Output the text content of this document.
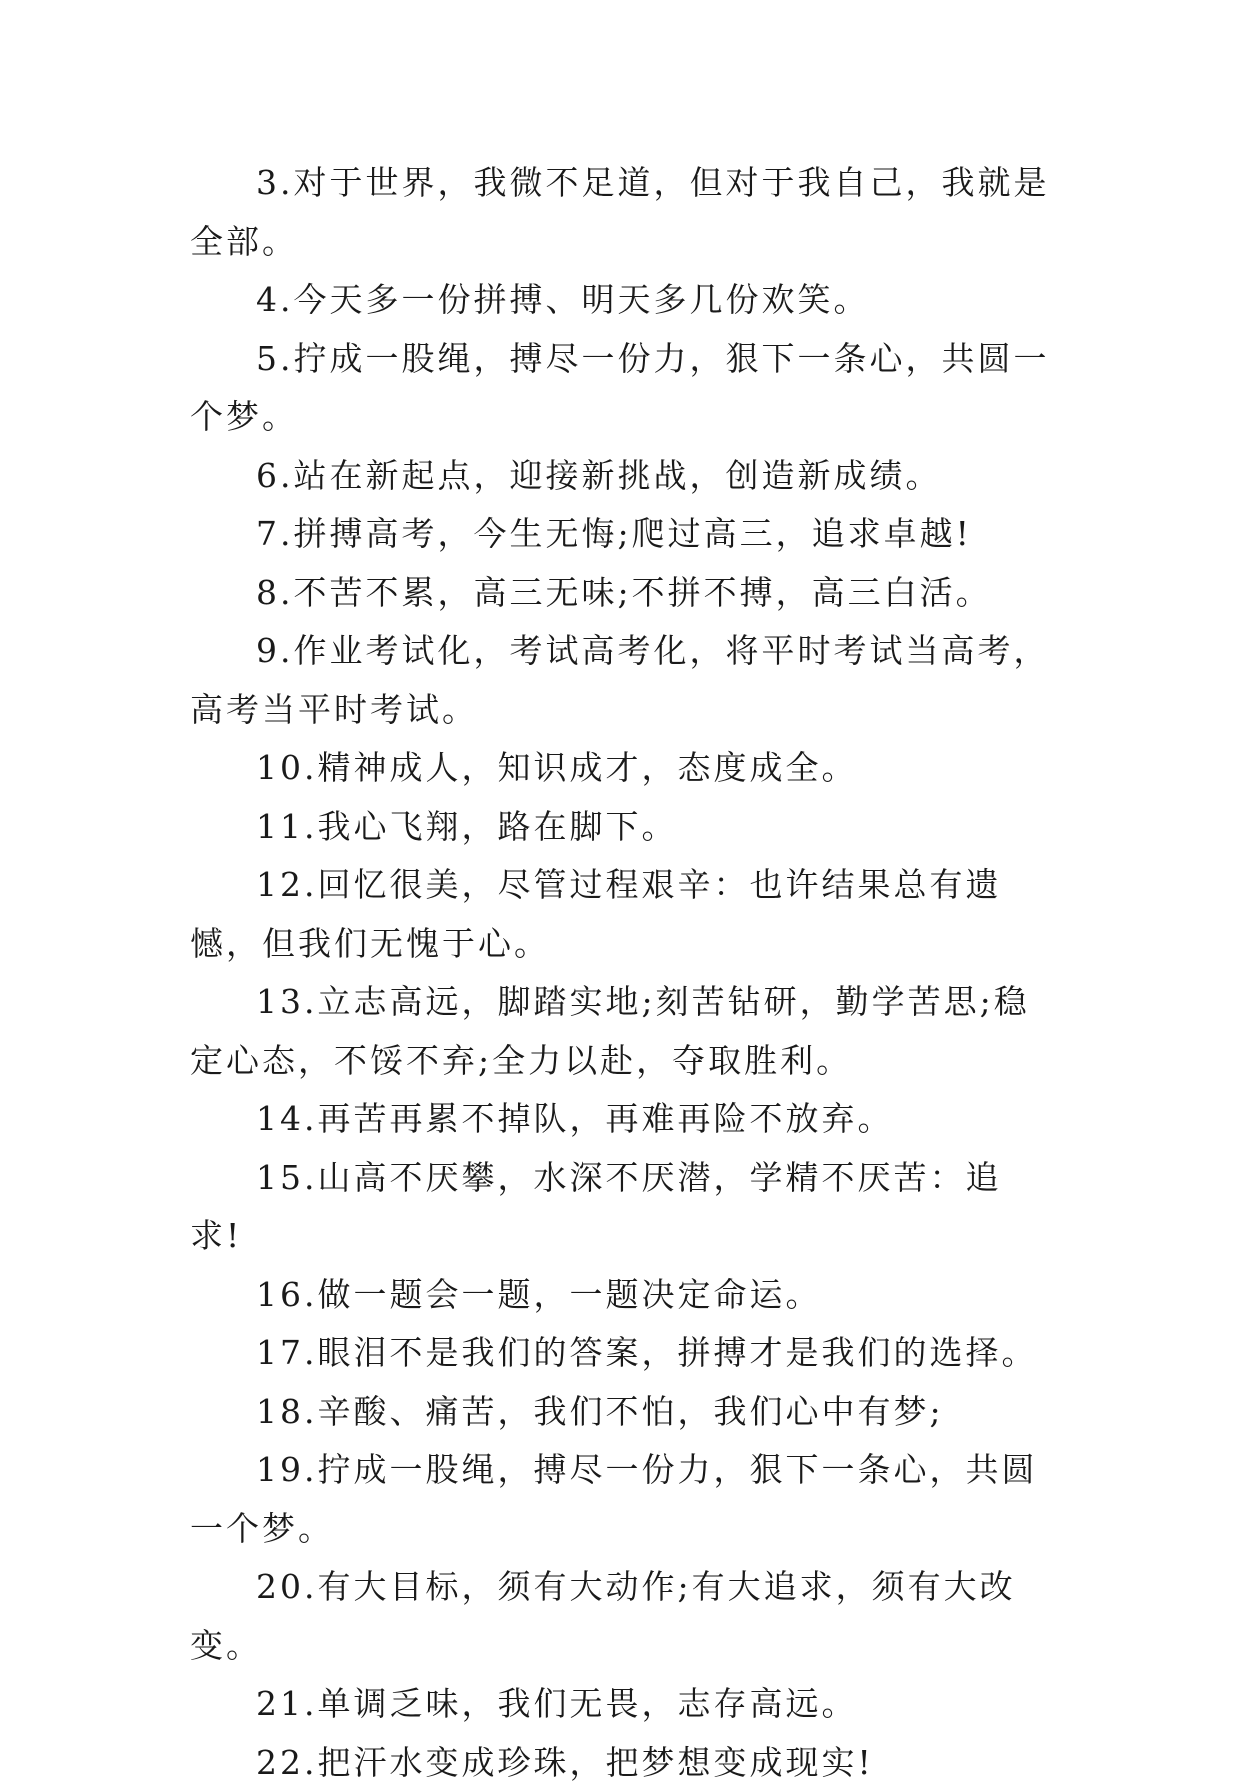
3.对于世界，我微不足道，但对于我自己，我就是全部。

4.今天多一份拼搏、明天多几份欢笑。

5.拧成一股绳，搏尽一份力，狠下一条心，共圆一个梦。

6.站在新起点，迎接新挑战，创造新成绩。

7.拼搏高考，今生无悔;爬过高三，追求卓越!

8.不苦不累，高三无味;不拼不搏，高三白活。

9.作业考试化，考试高考化，将平时考试当高考，高考当平时考试。

10.精神成人，知识成才，态度成全。

11.我心飞翔，路在脚下。

12.回忆很美，尽管过程艰辛：也许结果总有遗憾，但我们无愧于心。

13.立志高远，脚踏实地;刻苦钻研，勤学苦思;稳定心态，不馁不弃;全力以赴，夺取胜利。

14.再苦再累不掉队，再难再险不放弃。

15.山高不厌攀，水深不厌潜，学精不厌苦：追求!

16.做一题会一题，一题决定命运。

17.眼泪不是我们的答案，拼搏才是我们的选择。

18.辛酸、痛苦，我们不怕，我们心中有梦;

19.拧成一股绳，搏尽一份力，狠下一条心，共圆一个梦。

20.有大目标，须有大动作;有大追求，须有大改变。

21.单调乏味，我们无畏，志存高远。

22.把汗水变成珍珠，把梦想变成现实!
